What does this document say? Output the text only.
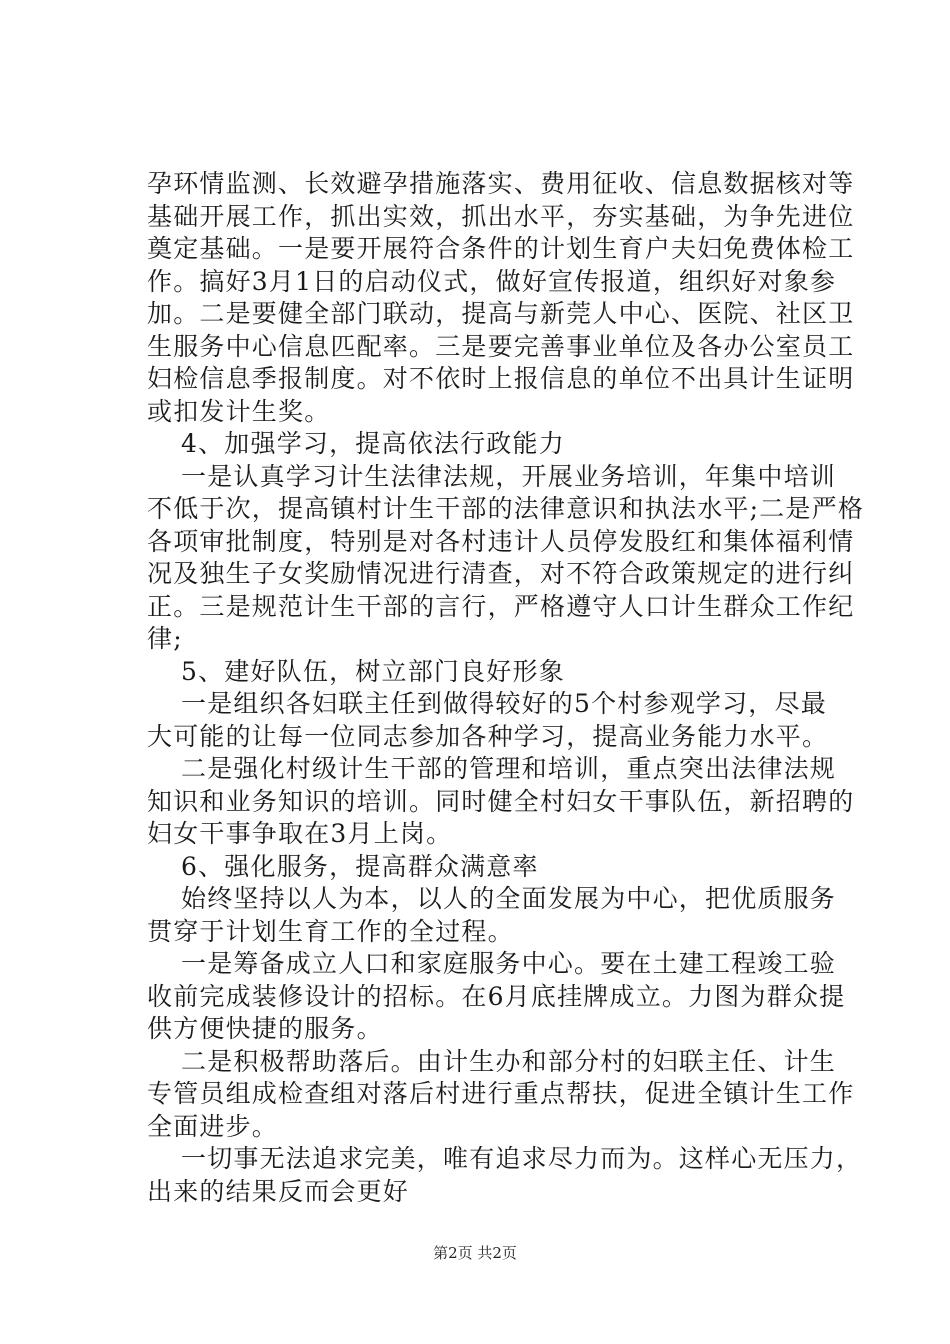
孕环情监测、长效避孕措施落实、费用征收、信息数据核对等
基础开展工作，抓出实效，抓出水平，夯实基础，为争先进位
奠定基础。一是要开展符合条件的计划生育户夫妇免费体检工
作。搞好3月1日的启动仪式，做好宣传报道，组织好对象参
加。二是要健全部门联动，提高与新莞人中心、医院、社区卫
生服务中心信息匹配率。三是要完善事业单位及各办公室员工
妇检信息季报制度。对不依时上报信息的单位不出具计生证明
或扣发计生奖。
4、加强学习，提高依法行政能力
一是认真学习计生法律法规，开展业务培训，年集中培训
不低于次，提高镇村计生干部的法律意识和执法水平;二是严格
各项审批制度，特别是对各村违计人员停发股红和集体福利情
况及独生子女奖励情况进行清查，对不符合政策规定的进行纠
正。三是规范计生干部的言行，严格遵守人口计生群众工作纪
律;
5、建好队伍，树立部门良好形象
一是组织各妇联主任到做得较好的5个村参观学习，尽最
大可能的让每一位同志参加各种学习，提高业务能力水平。
二是强化村级计生干部的管理和培训，重点突出法律法规
知识和业务知识的培训。同时健全村妇女干事队伍，新招聘的
妇女干事争取在3月上岗。
6、强化服务，提高群众满意率
始终坚持以人为本，以人的全面发展为中心，把优质服务
贯穿于计划生育工作的全过程。
一是筹备成立人口和家庭服务中心。要在土建工程竣工验
收前完成装修设计的招标。在6月底挂牌成立。力图为群众提
供方便快捷的服务。
二是积极帮助落后。由计生办和部分村的妇联主任、计生
专管员组成检查组对落后村进行重点帮扶，促进全镇计生工作
全面进步。
一切事无法追求完美，唯有追求尽力而为。这样心无压力，
出来的结果反而会更好
第2页 共2页
